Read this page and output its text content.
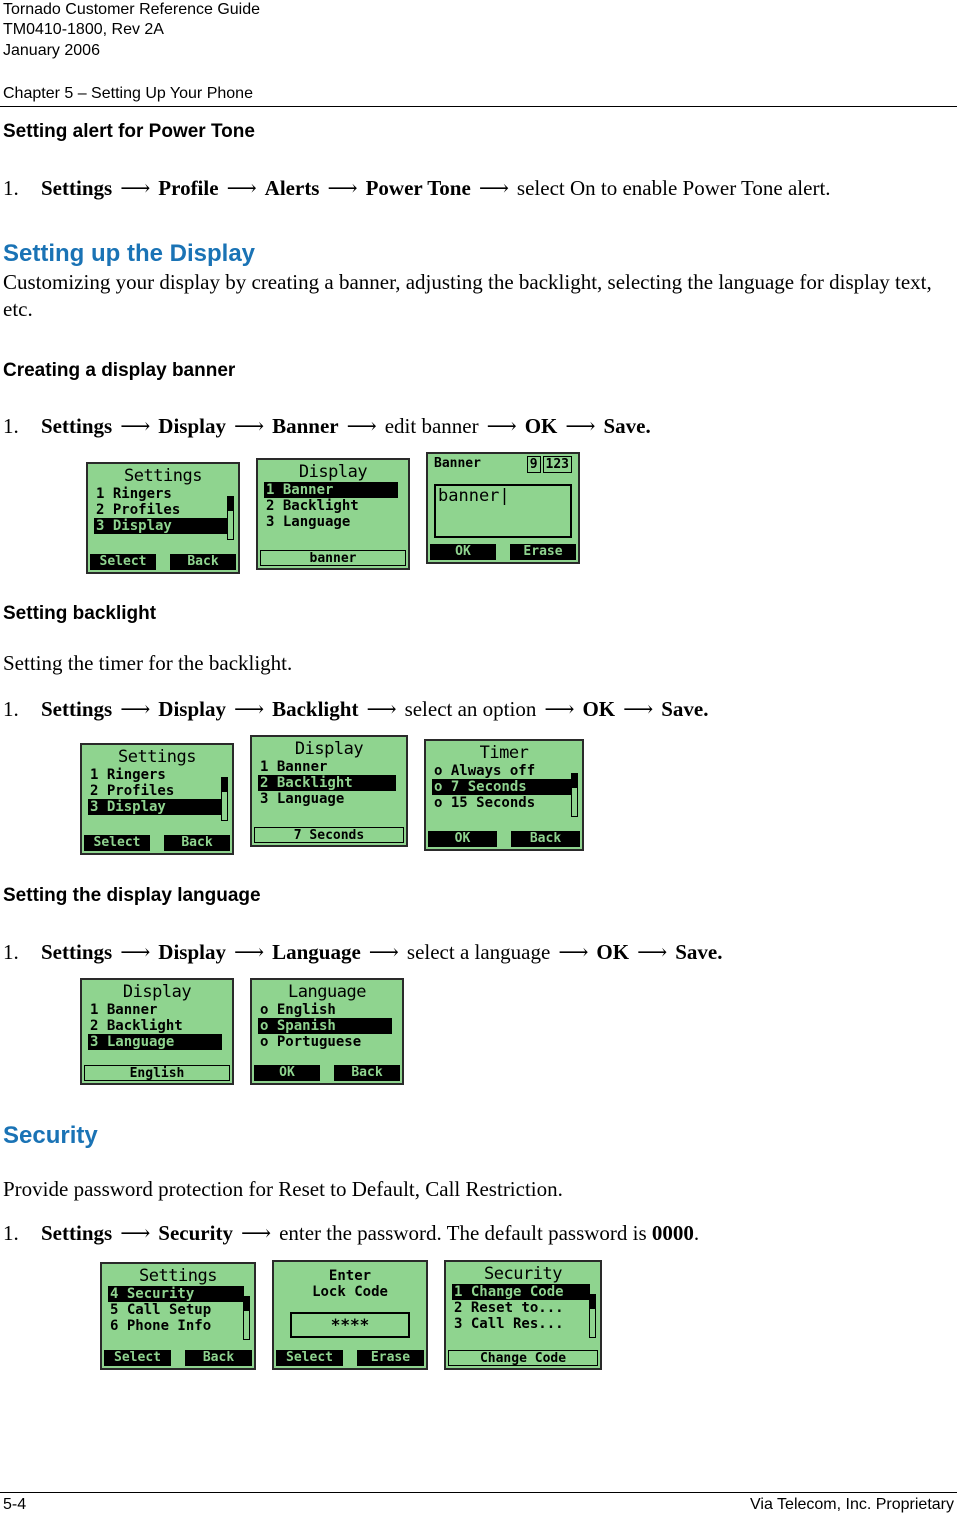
Tornado Customer Reference Guide
TM0410-1800, Rev 2A
January 2006
Chapter 5 – Setting Up Your Phone
Setting alert for Power Tone
1. Settings ⟶ Profile ⟶ Alerts ⟶ Power Tone ⟶ select On to enable Power Tone alert.
Setting up the Display
Customizing your display by creating a banner, adjusting the backlight, selecting the language for display text, etc.
Creating a display banner
1. Settings ⟶ Display ⟶ Banner ⟶ edit banner ⟶ OK ⟶ Save.
Settings
1 Ringers
2 Profiles
3 Display
Select	Back
Display
1 Banner
2 Backlight
3 Language
banner
Banner	9 123
banner|
OK	Erase
Setting backlight
Setting the timer for the backlight.
1. Settings ⟶ Display ⟶ Backlight ⟶ select an option ⟶ OK ⟶ Save.
Settings
1 Ringers
2 Profiles
3 Display
Select	Back
Display
1 Banner
2 Backlight
3 Language
7 Seconds
Timer
o Always off
o 7 Seconds
o 15 Seconds
OK	Back
Setting the display language
1. Settings ⟶ Display ⟶ Language ⟶ select a language ⟶ OK ⟶ Save.
Display
1 Banner
2 Backlight
3 Language
English
Language
o English
o Spanish
o Portuguese
OK	Back
Security
Provide password protection for Reset to Default, Call Restriction.
1. Settings ⟶ Security ⟶ enter the password. The default password is 0000.
Settings
4 Security
5 Call Setup
6 Phone Info
Select	Back
Enter
Lock Code
****
Select	Erase
Security
1 Change Code
2 Reset to...
3 Call Res...
Change Code
5-4	Via Telecom, Inc. Proprietary
